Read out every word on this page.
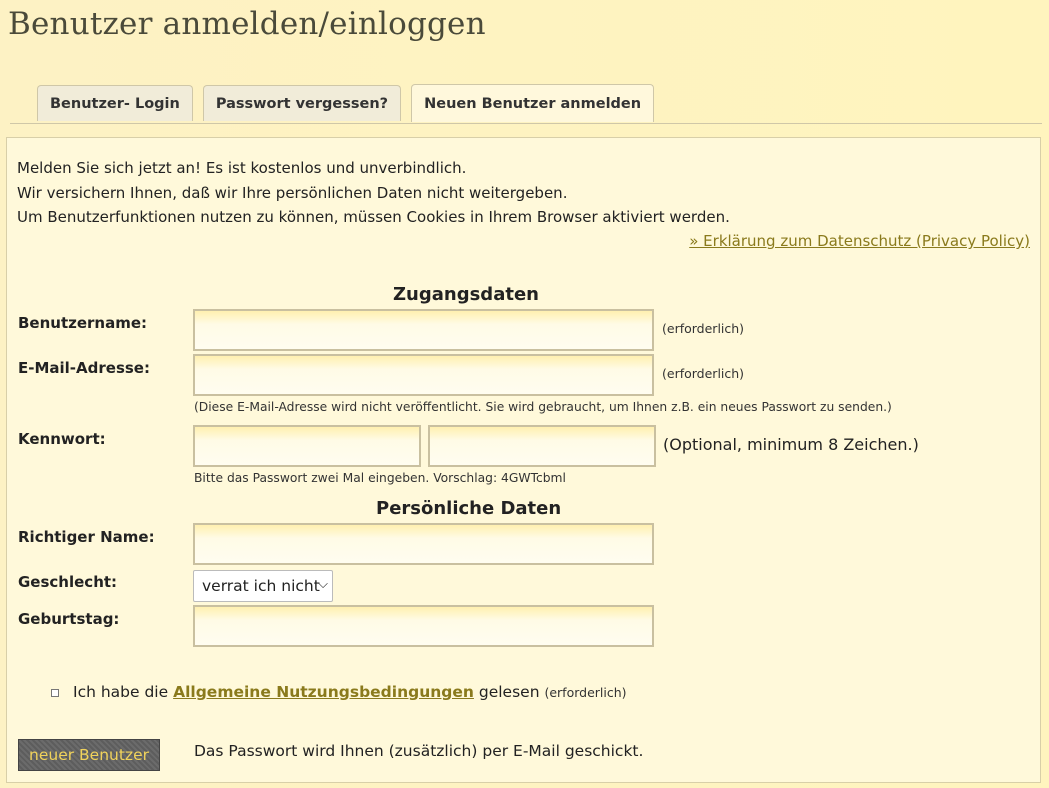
Benutzer anmelden/einloggen
Benutzer- Login	Passwort vergessen?	Neuen Benutzer anmelden
Melden Sie sich jetzt an! Es ist kostenlos und unverbindlich.
Wir versichern Ihnen, daß wir Ihre persönlichen Daten nicht weitergeben.
Um Benutzerfunktionen nutzen zu können, müssen Cookies in Ihrem Browser aktiviert werden.
» Erklärung zum Datenschutz (Privacy Policy)
Zugangsdaten
Benutzername:	(erforderlich)
E-Mail-Adresse:	(erforderlich)
(Diese E-Mail-Adresse wird nicht veröffentlicht. Sie wird gebraucht, um Ihnen z.B. ein neues Passwort zu senden.)
Kennwort:	(Optional, minimum 8 Zeichen.)
Bitte das Passwort zwei Mal eingeben. Vorschlag: 4GWTcbml
Persönliche Daten
Richtiger Name:
Geschlecht:	verrat ich nicht
⌵
Geburtstag:
Ich habe die Allgemeine Nutzungsbedingungen gelesen (erforderlich)
neuer Benutzer	Das Passwort wird Ihnen (zusätzlich) per E-Mail geschickt.
